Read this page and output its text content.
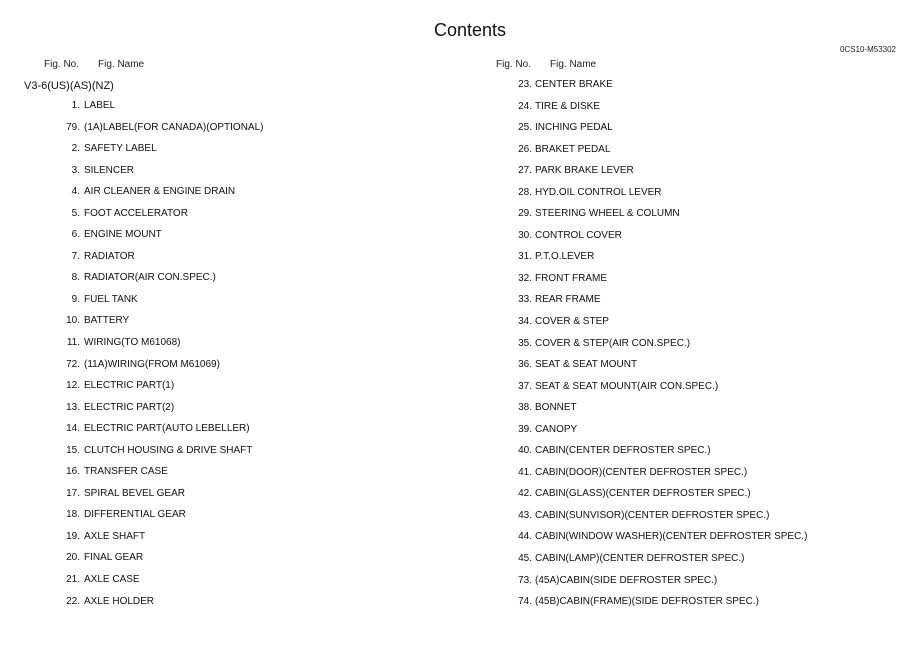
Contents
0CS10-M53302
Fig. No. Fig. Name
V3-6(US)(AS)(NZ)
1. LABEL
79. (1A)LABEL(FOR CANADA)(OPTIONAL)
2. SAFETY LABEL
3. SILENCER
4. AIR CLEANER & ENGINE DRAIN
5. FOOT ACCELERATOR
6. ENGINE MOUNT
7. RADIATOR
8. RADIATOR(AIR CON.SPEC.)
9. FUEL TANK
10. BATTERY
11. WIRING(TO M61068)
72. (11A)WIRING(FROM M61069)
12. ELECTRIC PART(1)
13. ELECTRIC PART(2)
14. ELECTRIC PART(AUTO LEBELLER)
15. CLUTCH HOUSING & DRIVE SHAFT
16. TRANSFER CASE
17. SPIRAL BEVEL GEAR
18. DIFFERENTIAL GEAR
19. AXLE SHAFT
20. FINAL GEAR
21. AXLE CASE
22. AXLE HOLDER
Fig. No. Fig. Name
23. CENTER BRAKE
24. TIRE & DISKE
25. INCHING PEDAL
26. BRAKET PEDAL
27. PARK BRAKE LEVER
28. HYD.OIL CONTROL LEVER
29. STEERING WHEEL & COLUMN
30. CONTROL COVER
31. P.T.O.LEVER
32. FRONT FRAME
33. REAR FRAME
34. COVER & STEP
35. COVER & STEP(AIR CON.SPEC.)
36. SEAT & SEAT MOUNT
37. SEAT & SEAT MOUNT(AIR CON.SPEC.)
38. BONNET
39. CANOPY
40. CABIN(CENTER DEFROSTER SPEC.)
41. CABIN(DOOR)(CENTER DEFROSTER SPEC.)
42. CABIN(GLASS)(CENTER DEFROSTER SPEC.)
43. CABIN(SUNVISOR)(CENTER DEFROSTER SPEC.)
44. CABIN(WINDOW WASHER)(CENTER DEFROSTER SPEC.)
45. CABIN(LAMP)(CENTER DEFROSTER SPEC.)
73. (45A)CABIN(SIDE DEFROSTER SPEC.)
74. (45B)CABIN(FRAME)(SIDE DEFROSTER SPEC.)
